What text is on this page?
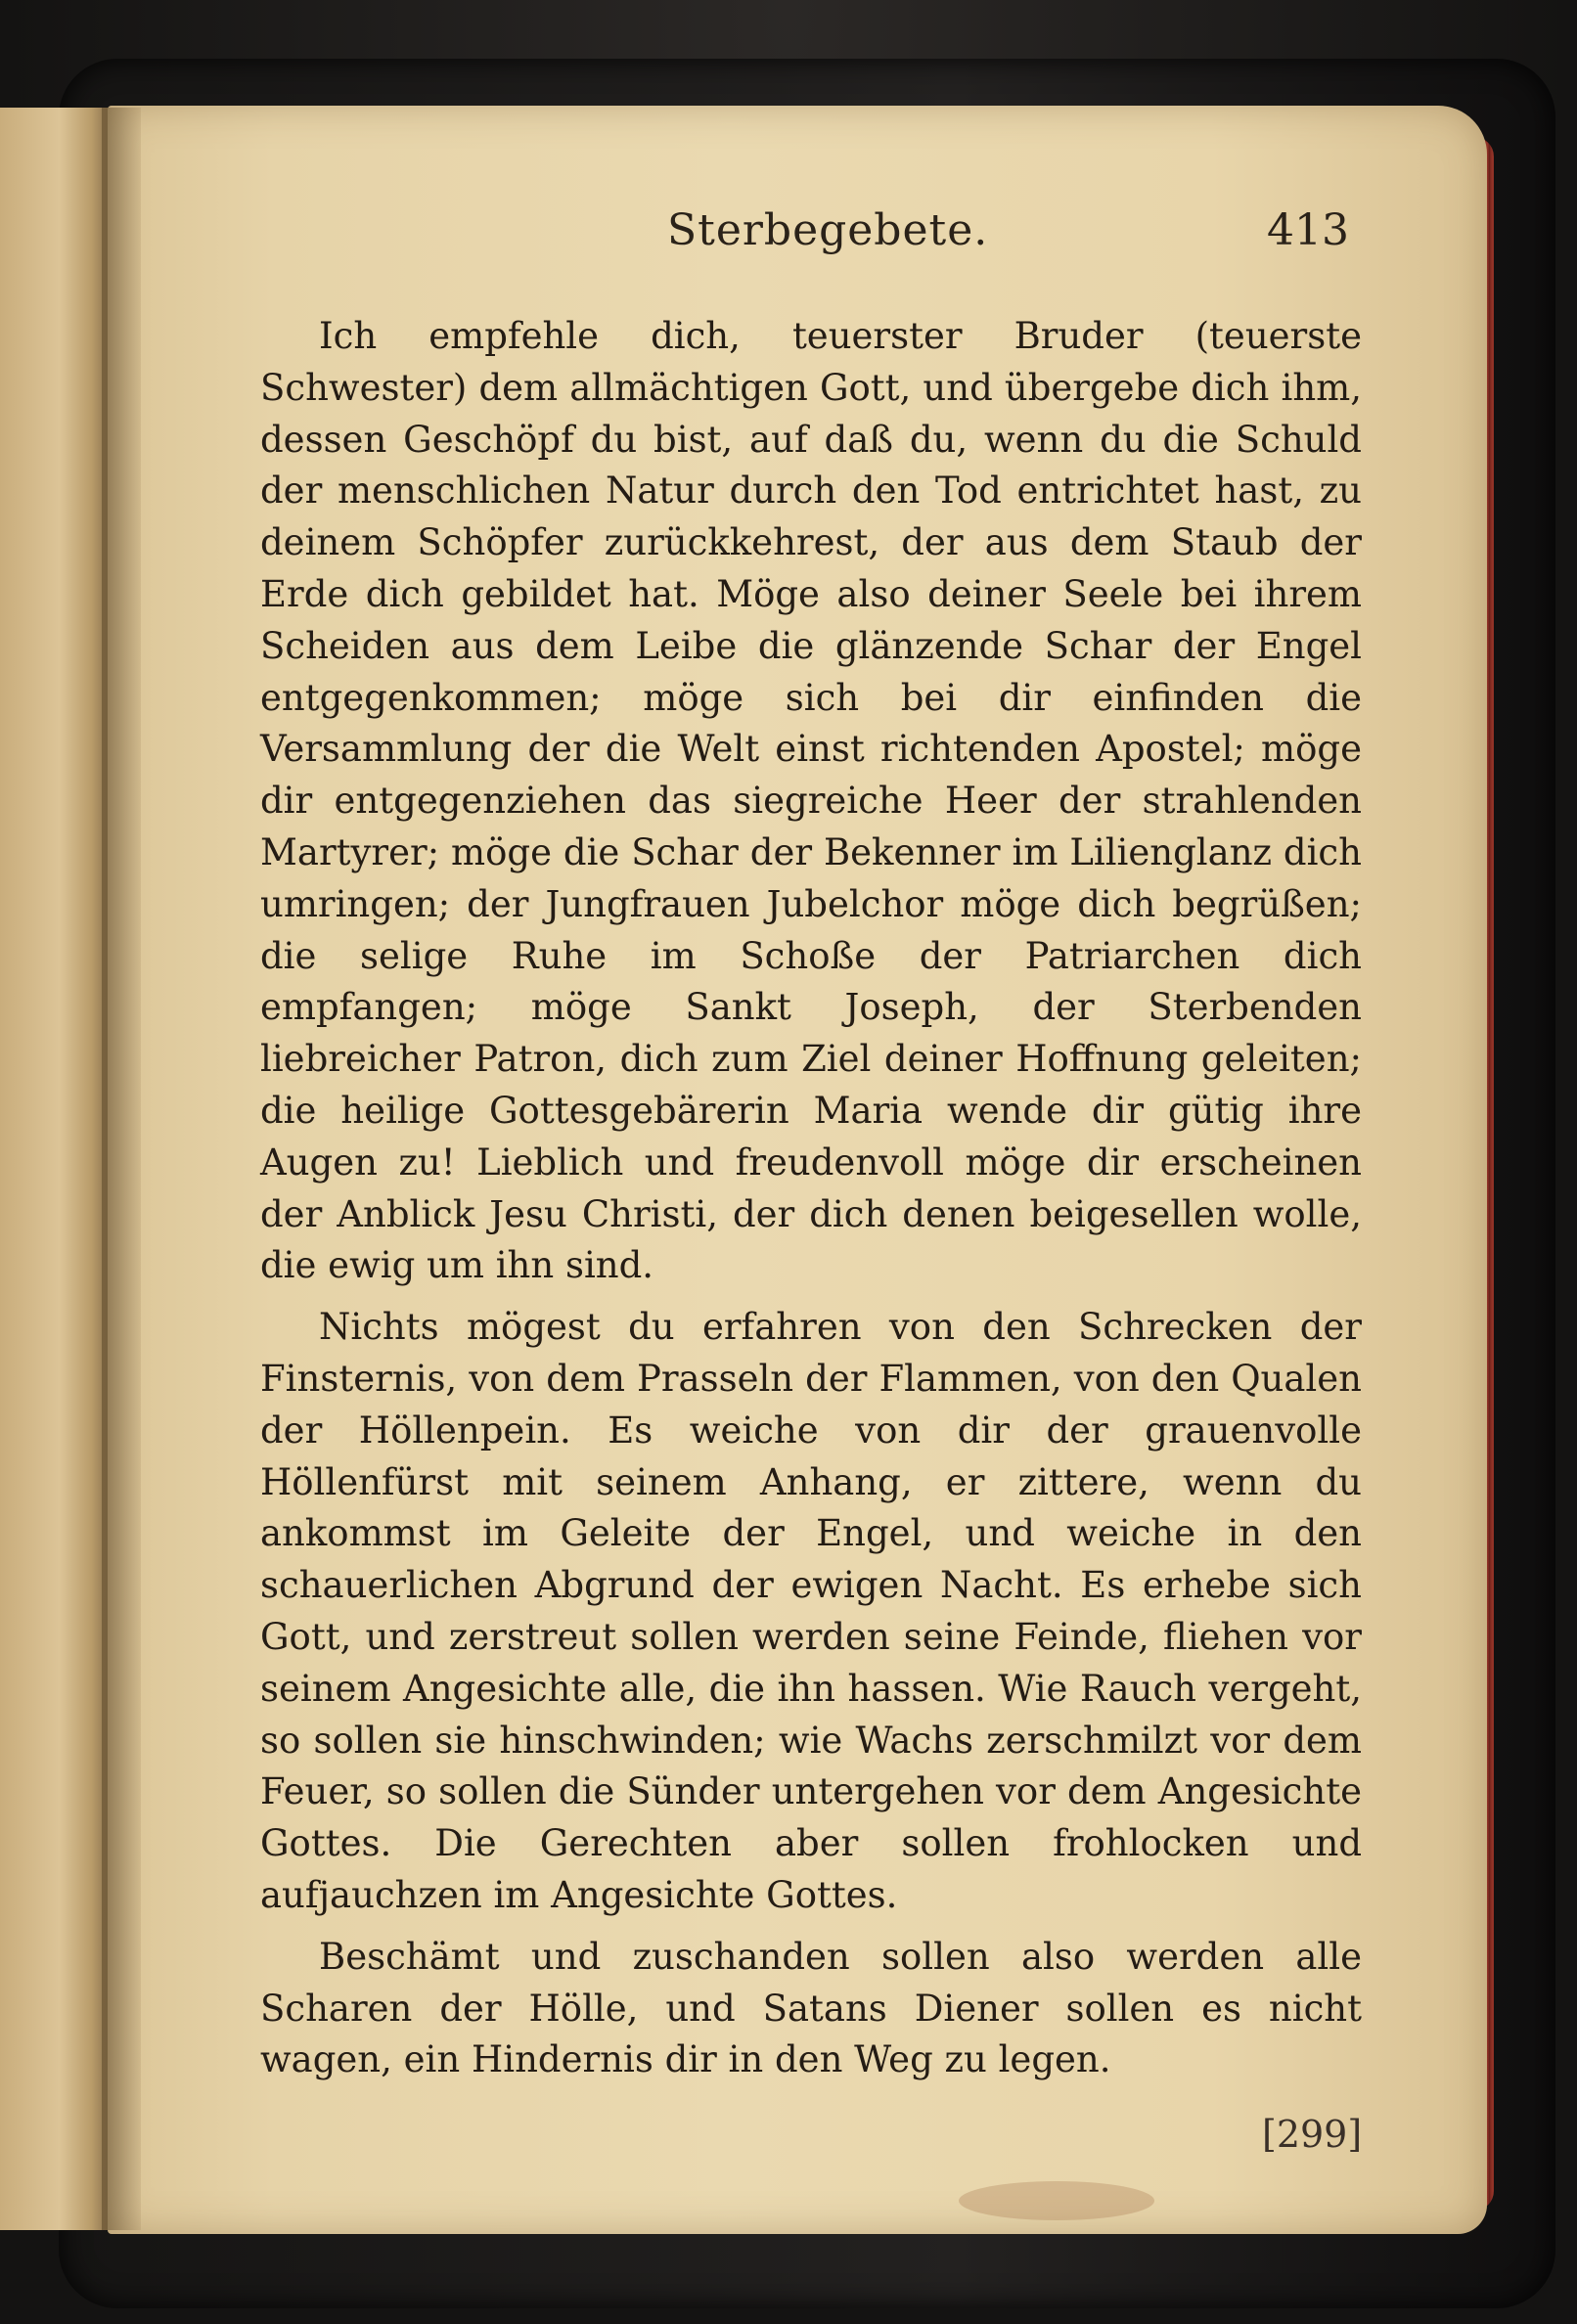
Sterbegebete.	413

Ich empfehle dich, teuerster Bruder (teuerste Schwester) dem allmächtigen Gott, und übergebe dich ihm, dessen Geschöpf du bist, auf daß du, wenn du die Schuld der menschlichen Natur durch den Tod entrichtet hast, zu deinem Schöpfer zurückkehrest, der aus dem Staub der Erde dich gebildet hat. Möge also deiner Seele bei ihrem Scheiden aus dem Leibe die glänzende Schar der Engel entgegenkommen; möge sich bei dir einfinden die Versammlung der die Welt einst richtenden Apostel; möge dir entgegenziehen das siegreiche Heer der strahlenden Martyrer; möge die Schar der Bekenner im Lilienglanz dich umringen; der Jungfrauen Jubelchor möge dich begrüßen; die selige Ruhe im Schoße der Patriarchen dich empfangen; möge Sankt Joseph, der Sterbenden liebreicher Patron, dich zum Ziel deiner Hoffnung geleiten; die heilige Gottesgebärerin Maria wende dir gütig ihre Augen zu! Lieblich und freudenvoll möge dir erscheinen der Anblick Jesu Christi, der dich denen beigesellen wolle, die ewig um ihn sind.

Nichts mögest du erfahren von den Schrecken der Finsternis, von dem Prasseln der Flammen, von den Qualen der Höllenpein. Es weiche von dir der grauenvolle Höllenfürst mit seinem Anhang, er zittere, wenn du ankommst im Geleite der Engel, und weiche in den schauerlichen Abgrund der ewigen Nacht. Es erhebe sich Gott, und zerstreut sollen werden seine Feinde, fliehen vor seinem Angesichte alle, die ihn hassen. Wie Rauch vergeht, so sollen sie hinschwinden; wie Wachs zerschmilzt vor dem Feuer, so sollen die Sünder untergehen vor dem Angesichte Gottes. Die Gerechten aber sollen frohlocken und aufjauchzen im Angesichte Gottes.

Beschämt und zuschanden sollen also werden alle Scharen der Hölle, und Satans Diener sollen es nicht wagen, ein Hindernis dir in den Weg zu legen.

[299]
